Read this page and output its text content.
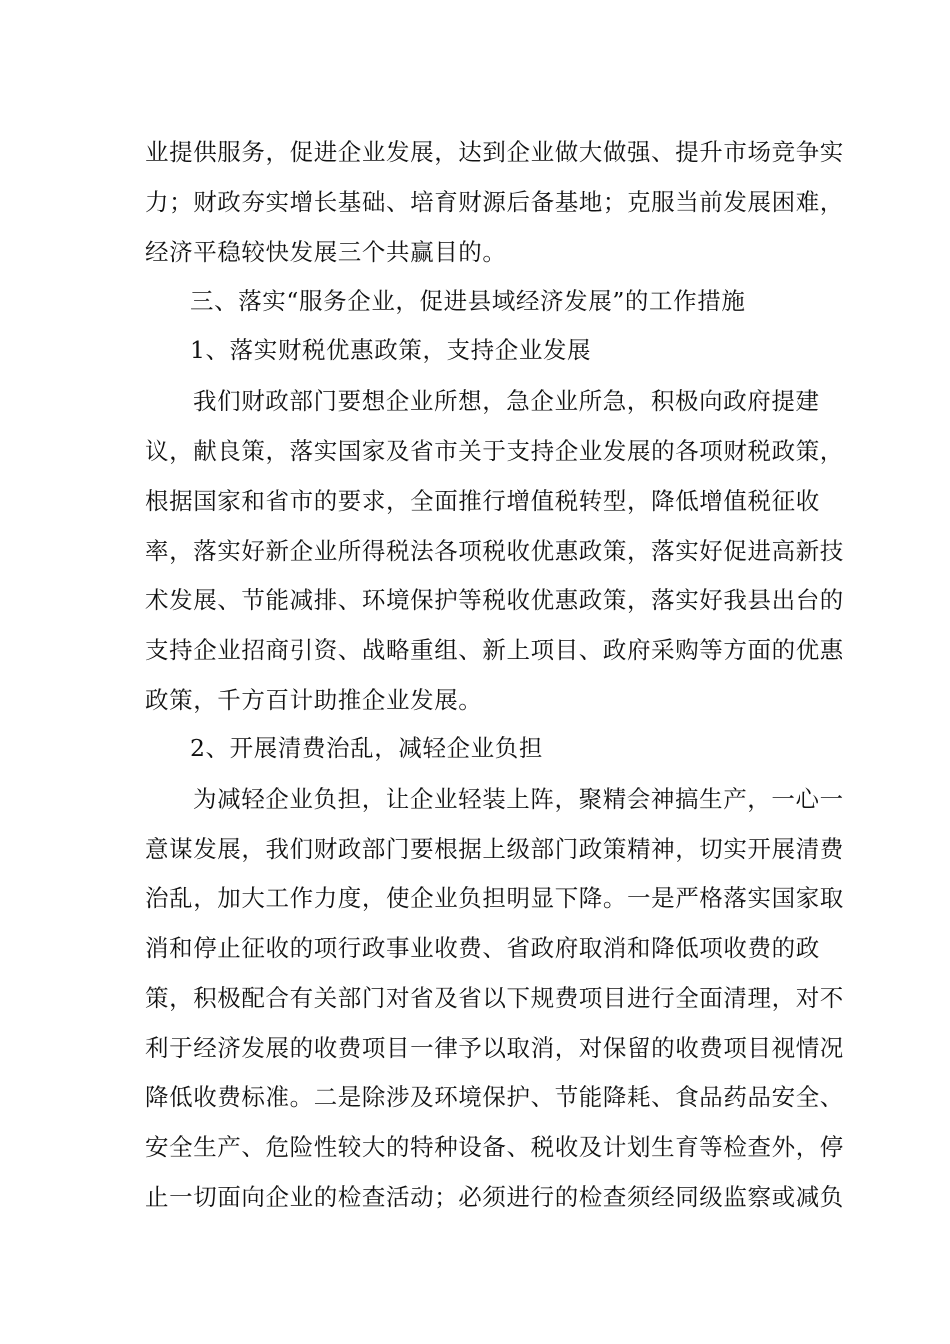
业提供服务，促进企业发展，达到企业做大做强、提升市场竞争实
力；财政夯实增长基础、培育财源后备基地；克服当前发展困难，
经济平稳较快发展三个共赢目的。
三、落实“服务企业，促进县域经济发展”的工作措施
1、落实财税优惠政策，支持企业发展
我们财政部门要想企业所想，急企业所急，积极向政府提建
议，献良策，落实国家及省市关于支持企业发展的各项财税政策，
根据国家和省市的要求，全面推行增值税转型，降低增值税征收
率，落实好新企业所得税法各项税收优惠政策，落实好促进高新技
术发展、节能减排、环境保护等税收优惠政策，落实好我县出台的
支持企业招商引资、战略重组、新上项目、政府采购等方面的优惠
政策，千方百计助推企业发展。
2、开展清费治乱，减轻企业负担
为减轻企业负担，让企业轻装上阵，聚精会神搞生产，一心一
意谋发展，我们财政部门要根据上级部门政策精神，切实开展清费
治乱，加大工作力度，使企业负担明显下降。一是严格落实国家取
消和停止征收的项行政事业收费、省政府取消和降低项收费的政
策，积极配合有关部门对省及省以下规费项目进行全面清理，对不
利于经济发展的收费项目一律予以取消，对保留的收费项目视情况
降低收费标准。二是除涉及环境保护、节能降耗、食品药品安全、
安全生产、危险性较大的特种设备、税收及计划生育等检查外，停
止一切面向企业的检查活动；必须进行的检查须经同级监察或减负
